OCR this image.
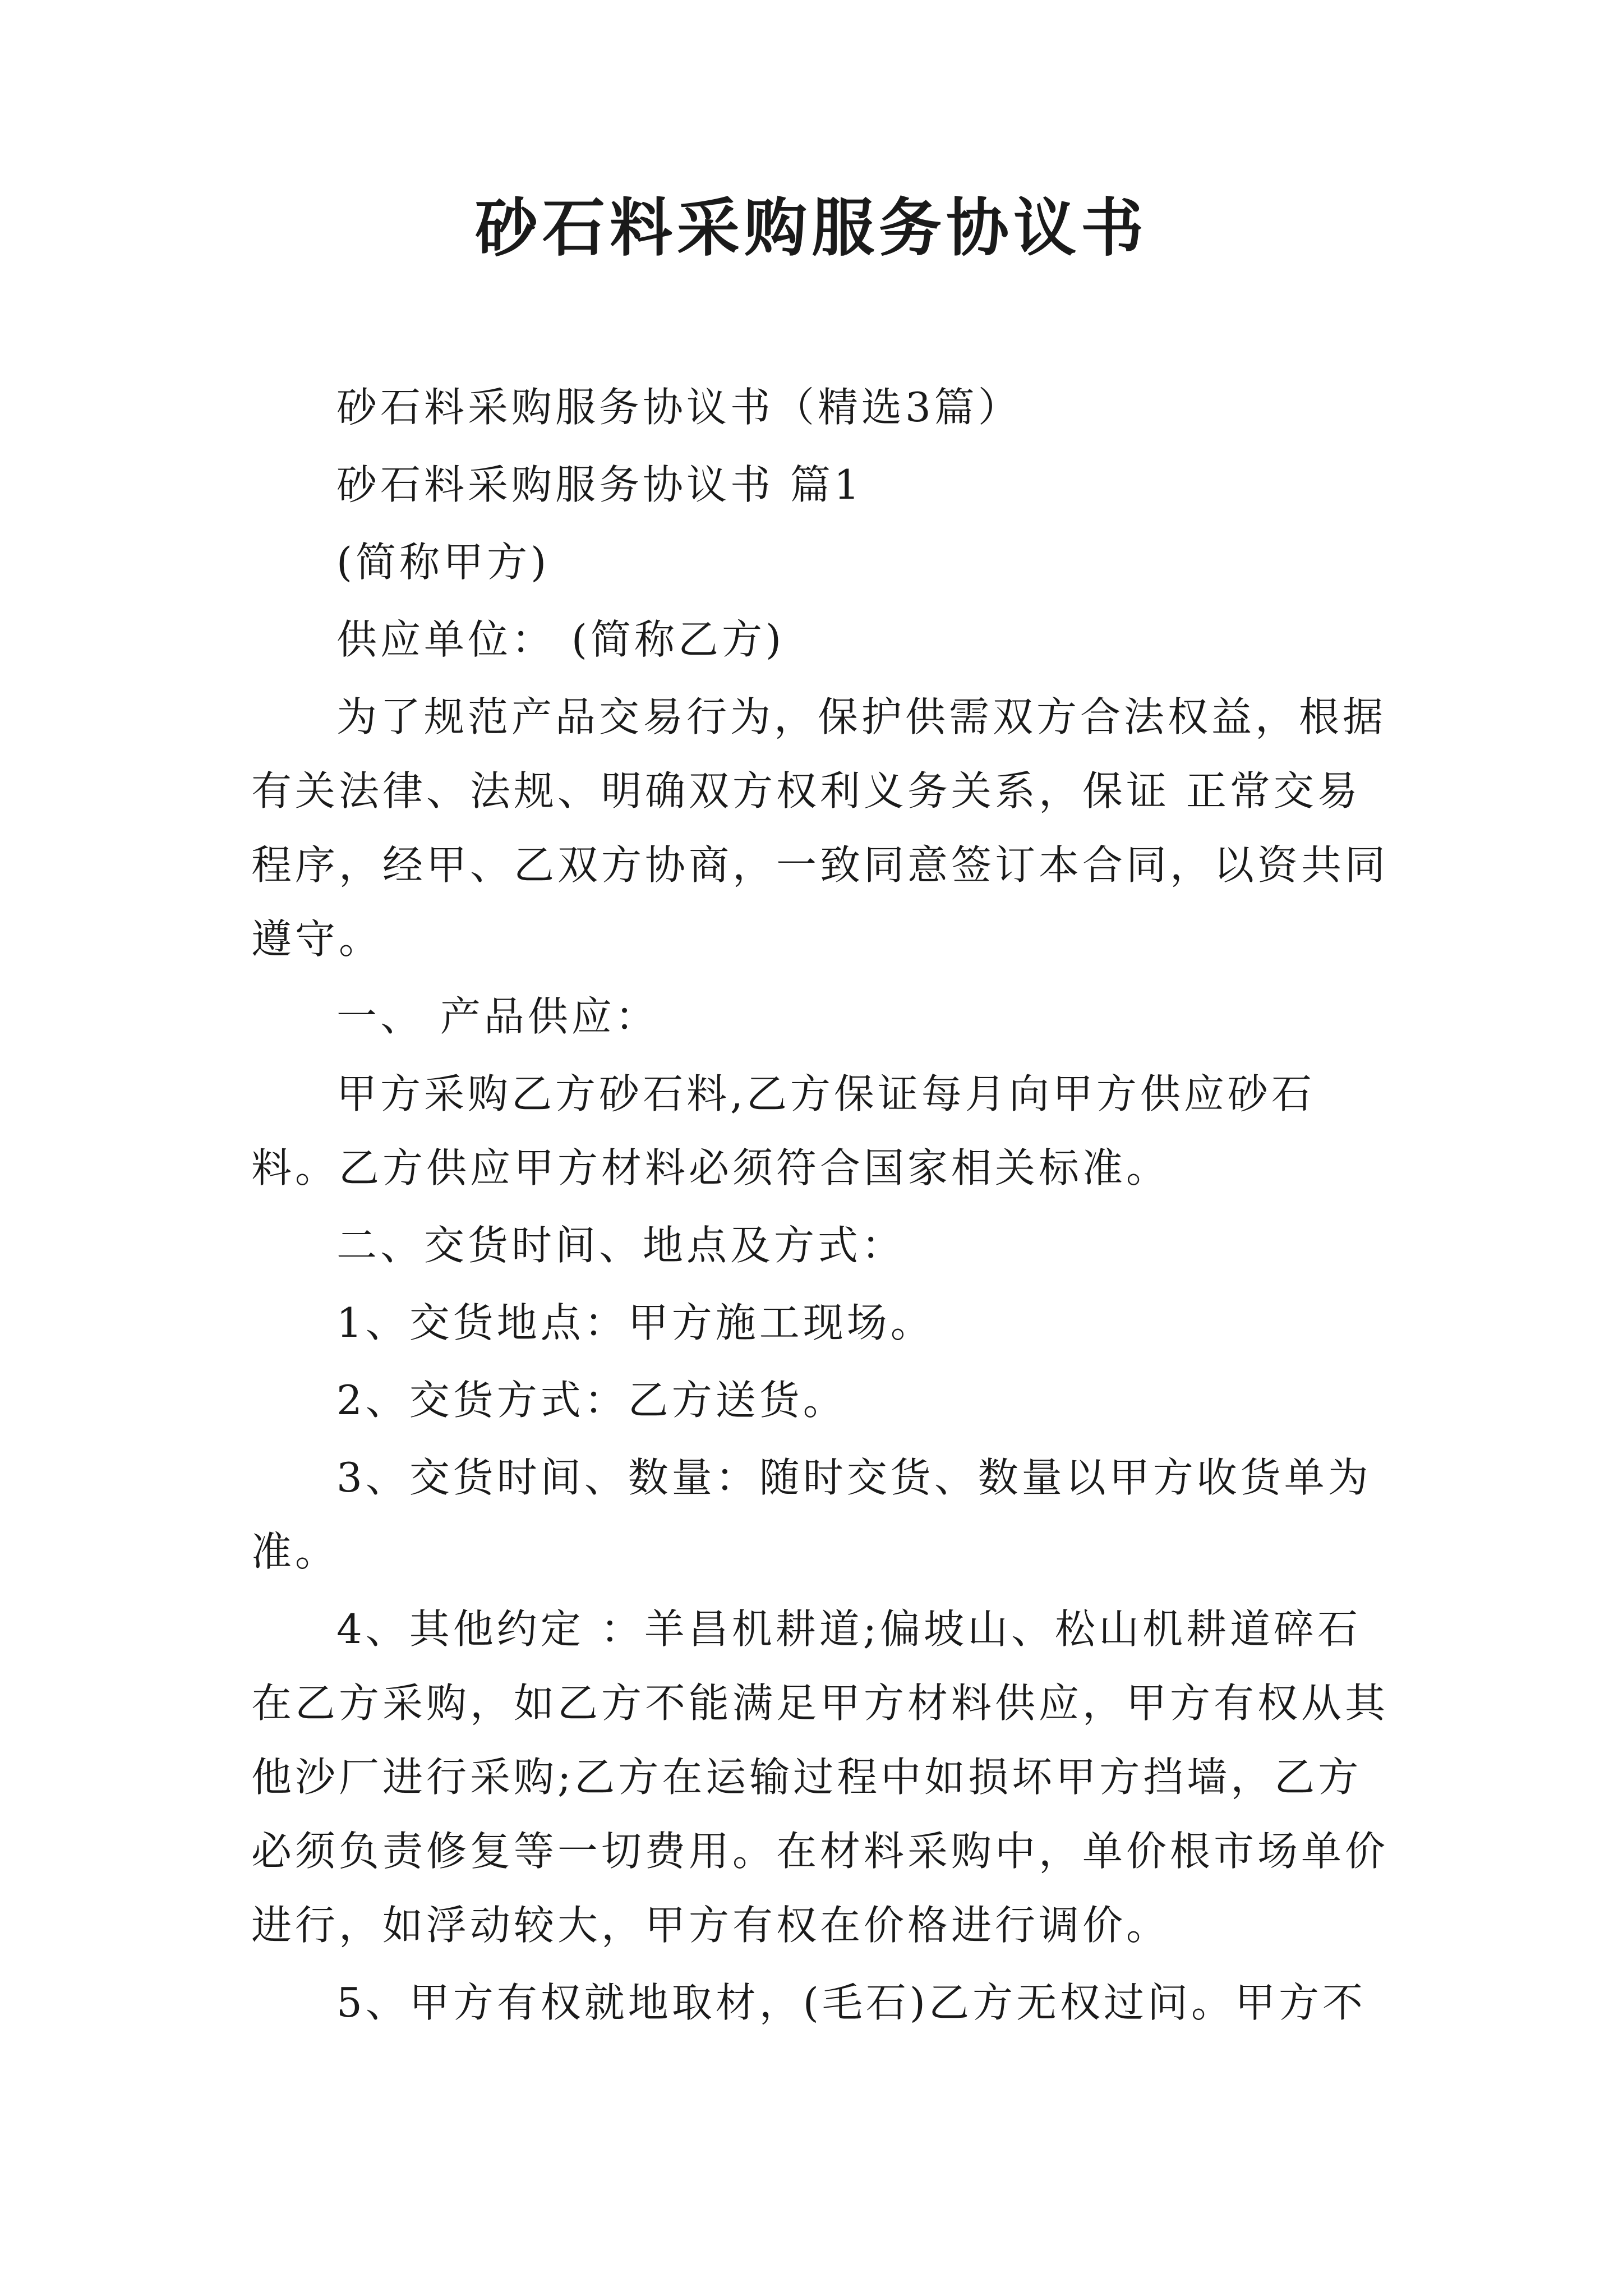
砂石料采购服务协议书

砂石料采购服务协议书（精选3篇）

砂石料采购服务协议书 篇1

(简称甲方)

供应单位： (简称乙方)

为了规范产品交易行为，保护供需双方合法权益，根据有关法律、法规、明确双方权利义务关系，保证 正常交易程序，经甲、乙双方协商，一致同意签订本合同，以资共同遵守。

一、 产品供应：

甲方采购乙方砂石料,乙方保证每月向甲方供应砂石料。乙方供应甲方材料必须符合国家相关标准。

二、交货时间、地点及方式：

1、交货地点：甲方施工现场。

2、交货方式：乙方送货。

3、交货时间、数量：随时交货、数量以甲方收货单为准。

4、其他约定 ：羊昌机耕道;偏坡山、松山机耕道碎石在乙方采购，如乙方不能满足甲方材料供应，甲方有权从其他沙厂进行采购;乙方在运输过程中如损坏甲方挡墙，乙方必须负责修复等一切费用。在材料采购中，单价根市场单价进行，如浮动较大，甲方有权在价格进行调价。

5、甲方有权就地取材，(毛石)乙方无权过问。甲方不
